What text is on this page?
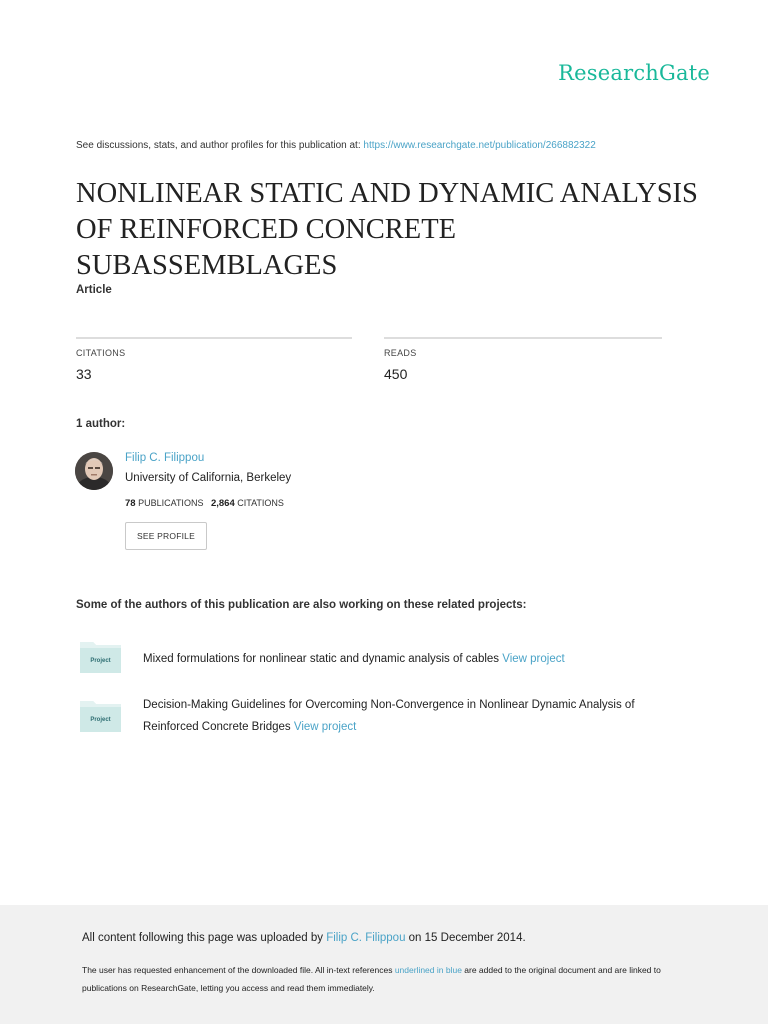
ResearchGate
See discussions, stats, and author profiles for this publication at: https://www.researchgate.net/publication/266882322
NONLINEAR STATIC AND DYNAMIC ANALYSIS
OF REINFORCED CONCRETE SUBASSEMBLAGES
Article
CITATIONS
33
READS
450
1 author:
Filip C. Filippou
University of California, Berkeley
78 PUBLICATIONS 2,864 CITATIONS
SEE PROFILE
Some of the authors of this publication are also working on these related projects:
Project	Mixed formulations for nonlinear static and dynamic analysis of cables View project
Project
Decision-Making Guidelines for Overcoming Non-Convergence in Nonlinear Dynamic Analysis of
Reinforced Concrete Bridges View project
All content following this page was uploaded by Filip C. Filippou on 15 December 2014.
The user has requested enhancement of the downloaded file. All in-text references underlined in blue are added to the original document and are linked to publications on ResearchGate, letting you access and read them immediately.
